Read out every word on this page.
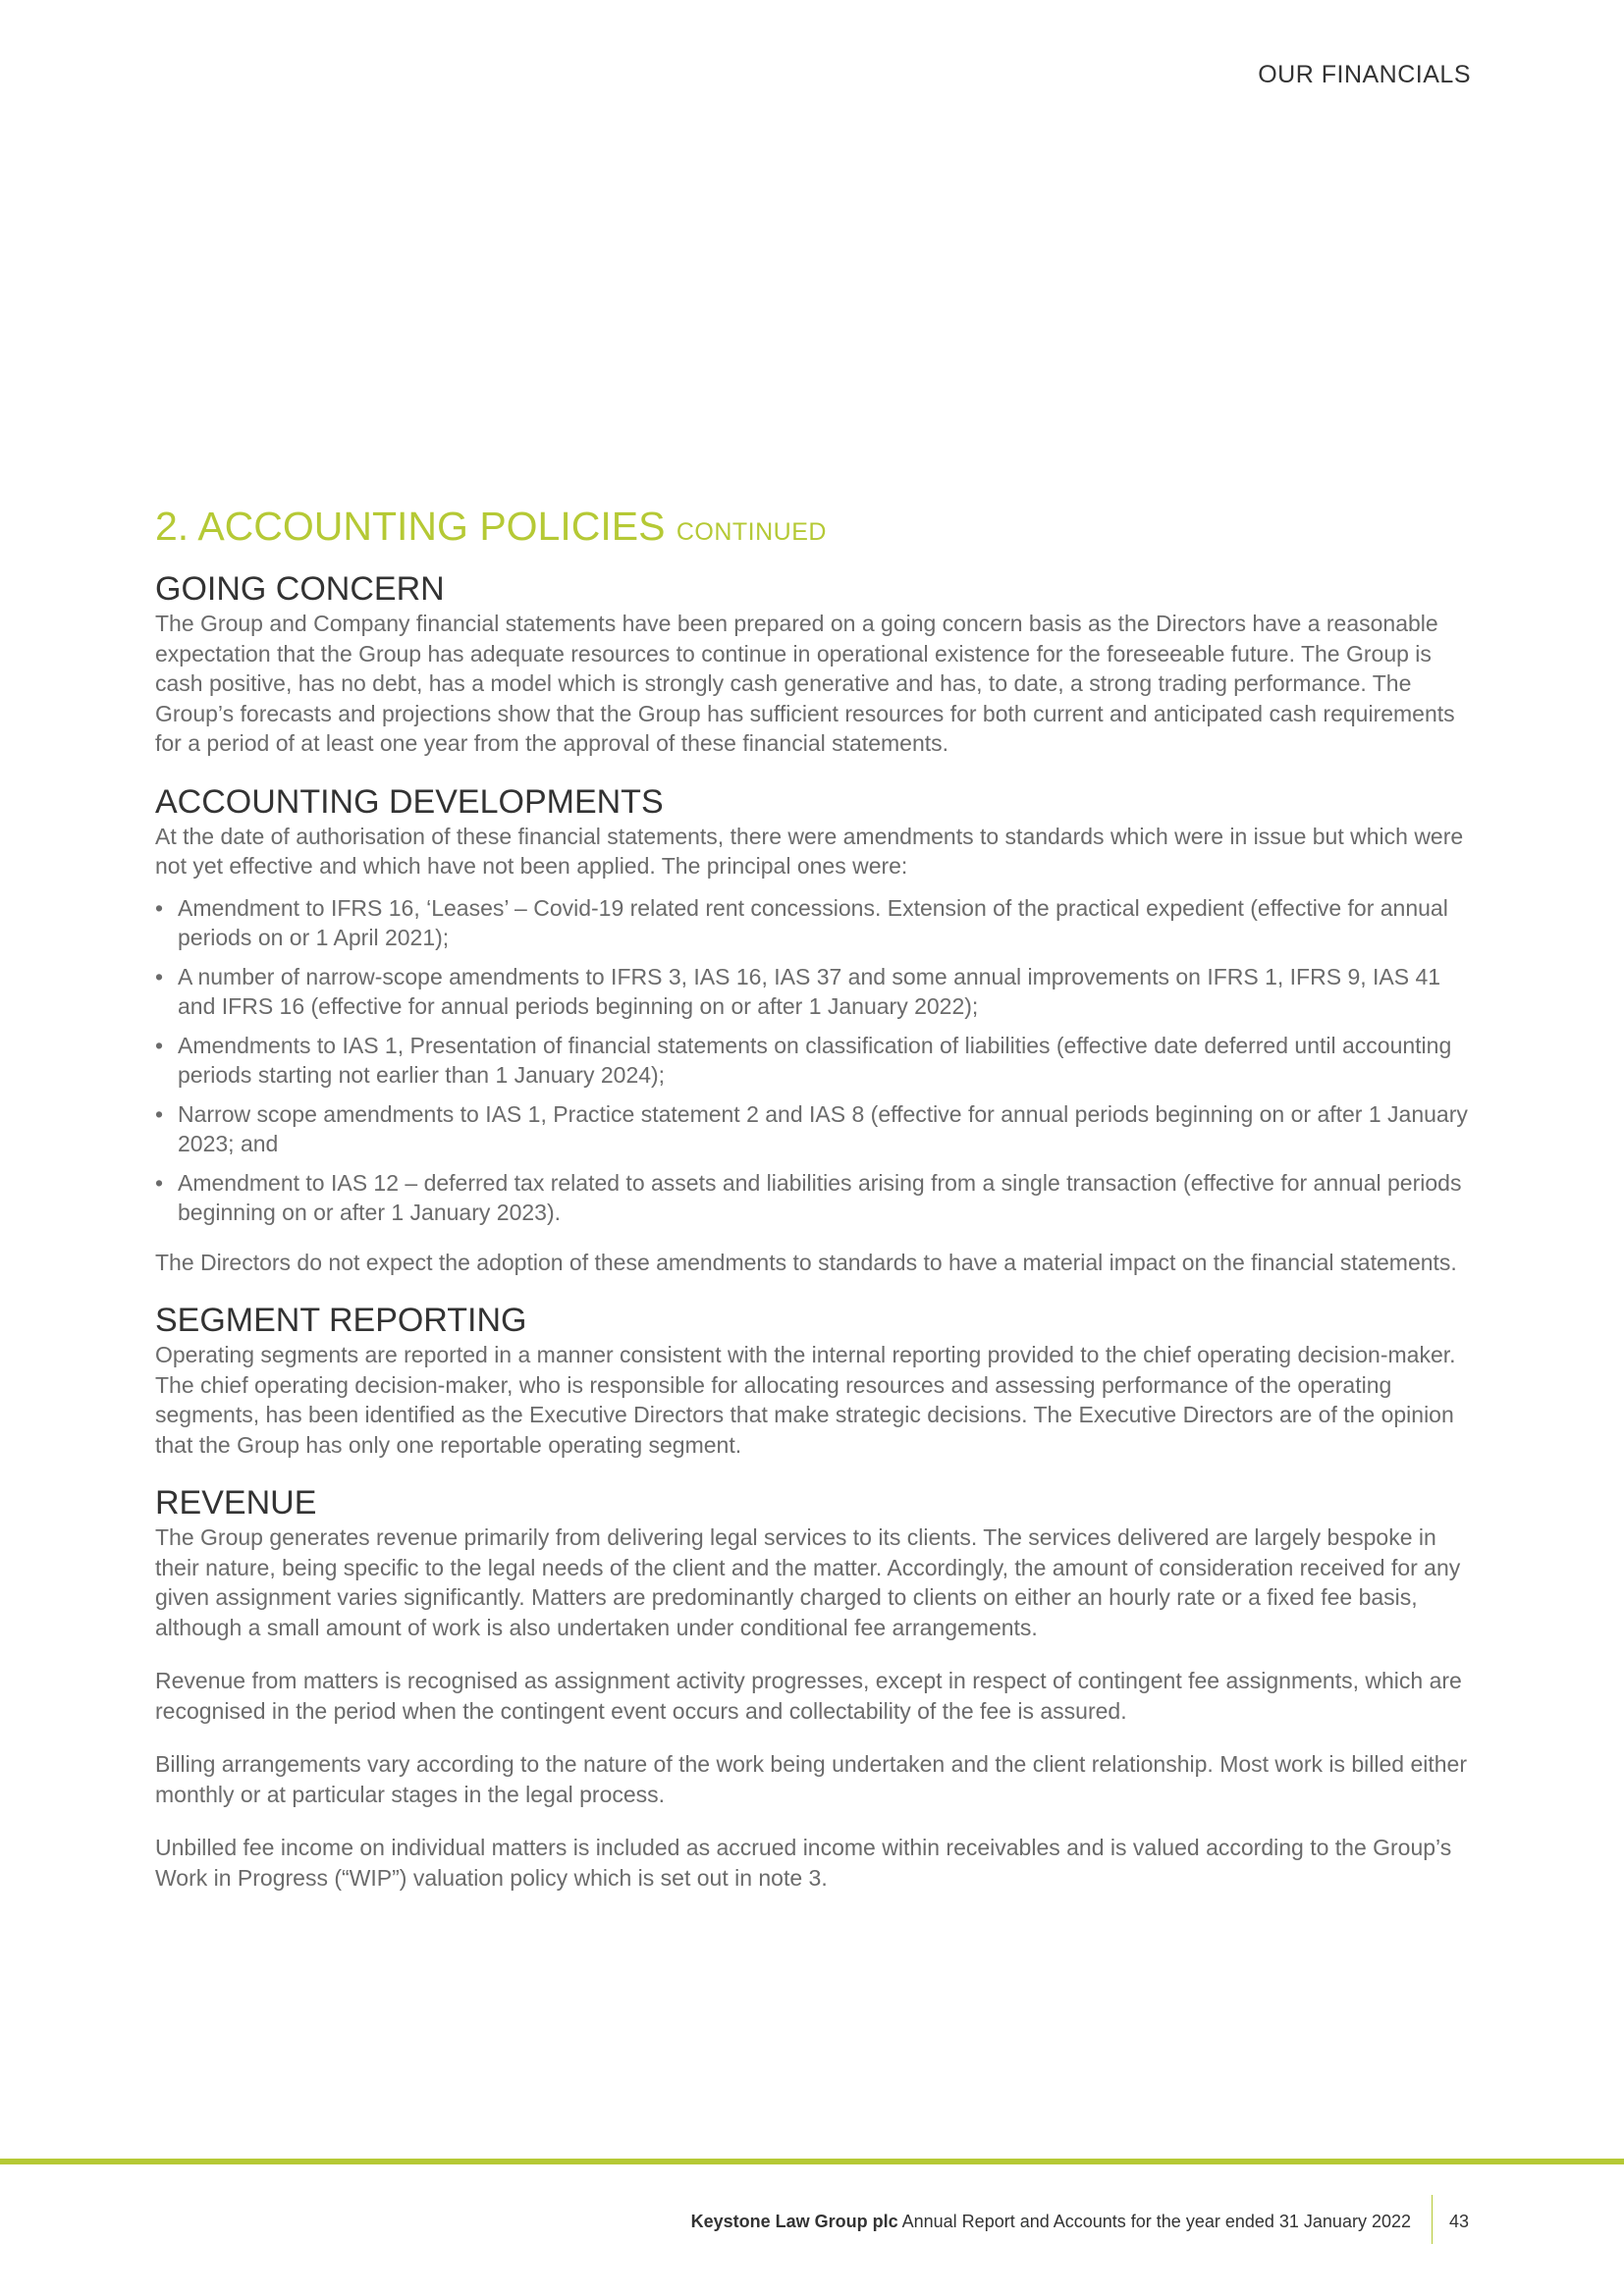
OUR FINANCIALS
2. ACCOUNTING POLICIES CONTINUED
GOING CONCERN

The Group and Company financial statements have been prepared on a going concern basis as the Directors have a reasonable expectation that the Group has adequate resources to continue in operational existence for the foreseeable future. The Group is cash positive, has no debt, has a model which is strongly cash generative and has, to date, a strong trading performance. The Group’s forecasts and projections show that the Group has sufficient resources for both current and anticipated cash requirements for a period of at least one year from the approval of these financial statements.

ACCOUNTING DEVELOPMENTS

At the date of authorisation of these financial statements, there were amendments to standards which were in issue but which were not yet effective and which have not been applied. The principal ones were:

• Amendment to IFRS 16, ‘Leases’ – Covid-19 related rent concessions. Extension of the practical expedient (effective for annual periods on or 1 April 2021);
• A number of narrow-scope amendments to IFRS 3, IAS 16, IAS 37 and some annual improvements on IFRS 1, IFRS 9, IAS 41 and IFRS 16 (effective for annual periods beginning on or after 1 January 2022);
• Amendments to IAS 1, Presentation of financial statements on classification of liabilities (effective date deferred until accounting periods starting not earlier than 1 January 2024);
• Narrow scope amendments to IAS 1, Practice statement 2 and IAS 8 (effective for annual periods beginning on or after 1 January 2023; and
• Amendment to IAS 12 – deferred tax related to assets and liabilities arising from a single transaction (effective for annual periods beginning on or after 1 January 2023).

The Directors do not expect the adoption of these amendments to standards to have a material impact on the financial statements.

SEGMENT REPORTING

Operating segments are reported in a manner consistent with the internal reporting provided to the chief operating decision-maker. The chief operating decision-maker, who is responsible for allocating resources and assessing performance of the operating segments, has been identified as the Executive Directors that make strategic decisions. The Executive Directors are of the opinion that the Group has only one reportable operating segment.

REVENUE

The Group generates revenue primarily from delivering legal services to its clients. The services delivered are largely bespoke in their nature, being specific to the legal needs of the client and the matter. Accordingly, the amount of consideration received for any given assignment varies significantly. Matters are predominantly charged to clients on either an hourly rate or a fixed fee basis, although a small amount of work is also undertaken under conditional fee arrangements.

Revenue from matters is recognised as assignment activity progresses, except in respect of contingent fee assignments, which are recognised in the period when the contingent event occurs and collectability of the fee is assured.

Billing arrangements vary according to the nature of the work being undertaken and the client relationship. Most work is billed either monthly or at particular stages in the legal process.

Unbilled fee income on individual matters is included as accrued income within receivables and is valued according to the Group’s Work in Progress (“WIP”) valuation policy which is set out in note 3.

Keystone Law Group plc Annual Report and Accounts for the year ended 31 January 2022 43
